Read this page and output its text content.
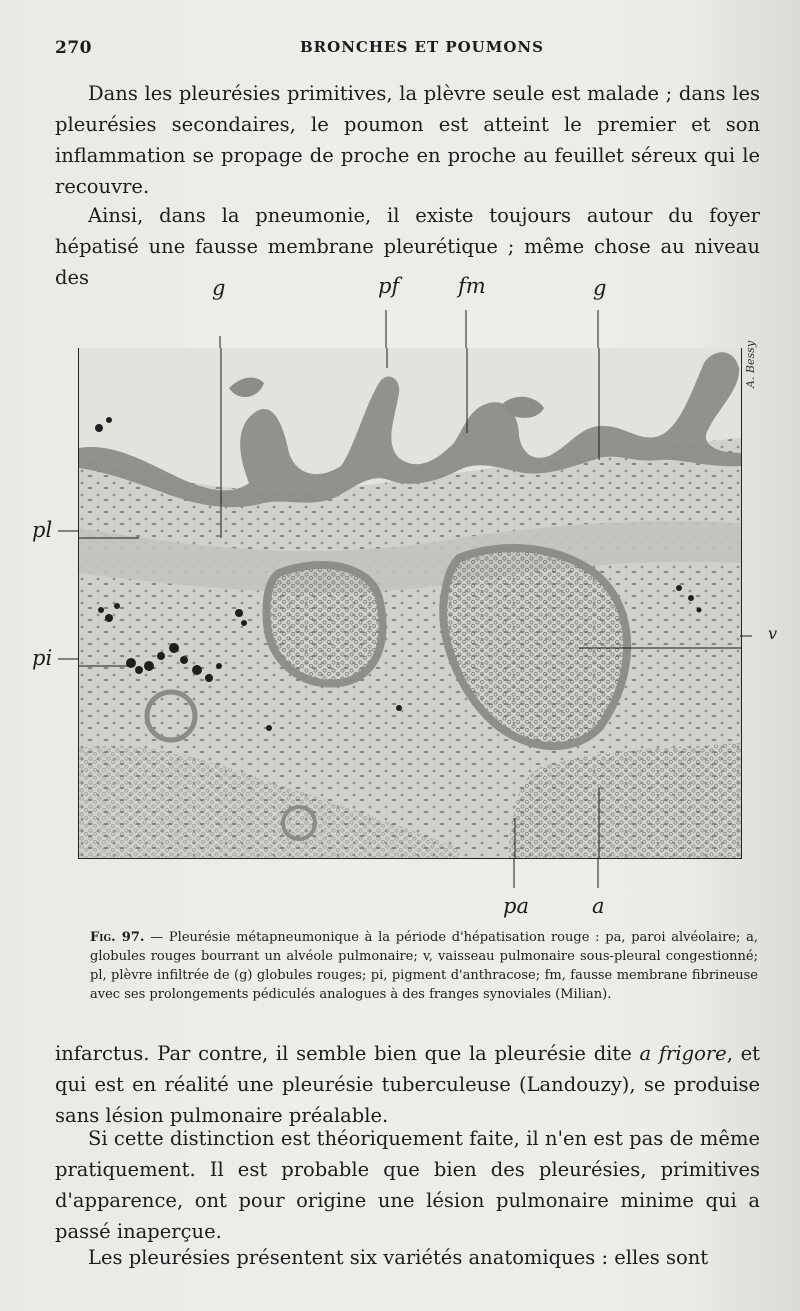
270	BRONCHES ET POUMONS

Dans les pleurésies primitives, la plèvre seule est malade ; dans les pleurésies secondaires, le poumon est atteint le premier et son inflammation se propage de proche en proche au feuillet séreux qui le recouvre.

Ainsi, dans la pneumonie, il existe toujours autour du foyer hépatisé une fausse membrane pleurétique ; même chose au niveau des	g	pf	fm	g
pl
pi
v
pa	a
A. Bessy
Fig. 97. — Pleurésie métapneumonique à la période d'hépatisation rouge : pa, paroi alvéolaire; a, globules rouges bourrant un alvéole pulmonaire; v, vaisseau pulmonaire sous-pleural congestionné; pl, plèvre infiltrée de (g) globules rouges; pi, pigment d'anthracose; fm, fausse membrane fibrineuse avec ses prolongements pédiculés analogues à des franges synoviales (Milian).

infarctus. Par contre, il semble bien que la pleurésie dite a frigore, et qui est en réalité une pleurésie tuberculeuse (Landouzy), se produise sans lésion pulmonaire préalable.

Si cette distinction est théoriquement faite, il n'en est pas de même pratiquement. Il est probable que bien des pleurésies, primitives d'apparence, ont pour origine une lésion pulmonaire minime qui a passé inaperçue.

Les pleurésies présentent six variétés anatomiques : elles sont
